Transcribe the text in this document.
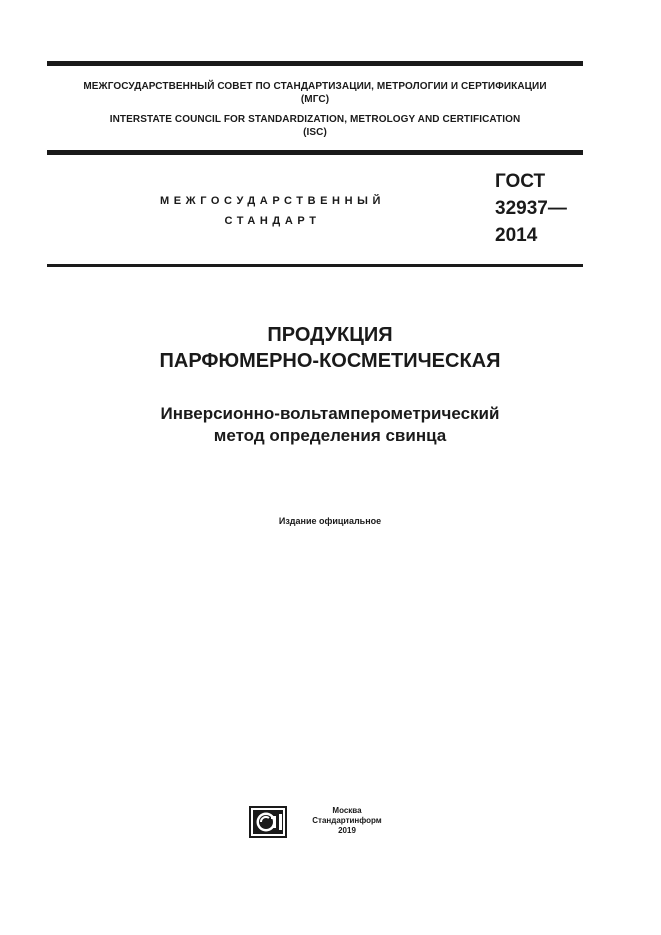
МЕЖГОСУДАРСТВЕННЫЙ СОВЕТ ПО СТАНДАРТИЗАЦИИ, МЕТРОЛОГИИ И СЕРТИФИКАЦИИ
(МГС)
INTERSTATE COUNCIL FOR STANDARDIZATION, METROLOGY AND CERTIFICATION
(ISC)
МЕЖГОСУДАРСТВЕННЫЙ
СТАНДАРТ
ГОСТ
32937—
2014
ПРОДУКЦИЯ
ПАРФЮМЕРНО-КОСМЕТИЧЕСКАЯ
Инверсионно-вольтамперометрический
метод определения свинца
Издание официальное
Москва
Стандартинформ
2019
